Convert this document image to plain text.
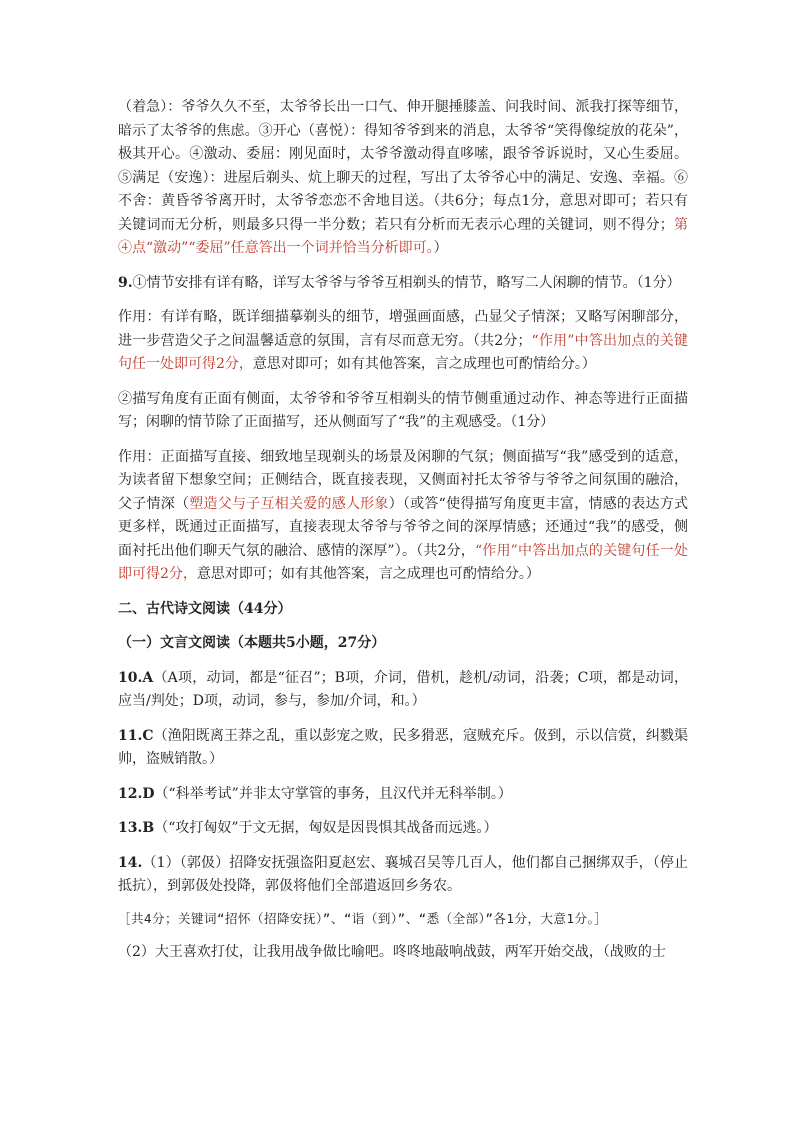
（着急）：爷爷久久不至，太爷爷长出一口气、伸开腿捶膝盖、问我时间、派我打探等细节，暗示了太爷爷的焦虑。③开心（喜悦）：得知爷爷到来的消息，太爷爷“笑得像绽放的花朵”，极其开心。④激动、委屈：刚见面时，太爷爷激动得直哆嗦，跟爷爷诉说时，又心生委屈。⑤满足（安逸）：进屋后剃头、炕上聊天的过程，写出了太爷爷心中的满足、安逸、幸福。⑥不舍：黄昏爷爷离开时，太爷爷恋恋不舍地目送。（共6分；每点1分，意思对即可；若只有关键词而无分析，则最多只得一半分数；若只有分析而无表示心理的关键词，则不得分；第④点“激动”“委屈”任意答出一个词并恰当分析即可。）

9.①情节安排有详有略，详写太爷爷与爷爷互相剃头的情节，略写二人闲聊的情节。（1分）

作用：有详有略，既详细描摹剃头的细节，增强画面感，凸显父子情深；又略写闲聊部分，进一步营造父子之间温馨适意的氛围，言有尽而意无穷。（共2分；“作用”中答出加点的关键句任一处即可得2分，意思对即可；如有其他答案，言之成理也可酌情给分。）

②描写角度有正面有侧面，太爷爷和爷爷互相剃头的情节侧重通过动作、神态等进行正面描写；闲聊的情节除了正面描写，还从侧面写了“我”的主观感受。（1分）

作用：正面描写直接、细致地呈现剃头的场景及闲聊的气氛；侧面描写“我”感受到的适意，为读者留下想象空间；正侧结合，既直接表现，又侧面衬托太爷爷与爷爷之间氛围的融洽，父子情深（塑造父与子互相关爱的感人形象）（或答“使得描写角度更丰富，情感的表达方式更多样，既通过正面描写，直接表现太爷爷与爷爷之间的深厚情感；还通过“我”的感受，侧面衬托出他们聊天气氛的融洽、感情的深厚”）。（共2分，“作用”中答出加点的关键句任一处即可得2分，意思对即可；如有其他答案，言之成理也可酌情给分。）

二、古代诗文阅读（44分）

（一）文言文阅读（本题共5小题，27分）

10.A（A项，动词，都是“征召”；B项，介词，借机，趁机/动词，沿袭；C项，都是动词，应当/判处；D项，动词，参与，参加/介词，和。）

11.C（渔阳既离王莽之乱，重以彭宠之败，民多猾恶，寇贼充斥。伋到，示以信赏，纠戮渠帅，盗贼销散。）

12.D（“科举考试”并非太守掌管的事务，且汉代并无科举制。）

13.B（“攻打匈奴”于文无据，匈奴是因畏惧其战备而远逃。）

14.（1）（郭伋）招降安抚强盗阳夏赵宏、襄城召吴等几百人，他们都自己捆绑双手，（停止抵抗），到郭伋处投降，郭伋将他们全部遣返回乡务农。

［共4分；关键词“招怀（招降安抚）”、“诣（到）”、“悉（全部）”各1分，大意1分。］

（2）大王喜欢打仗，让我用战争做比喻吧。咚咚地敲响战鼓，两军开始交战，（战败的士
